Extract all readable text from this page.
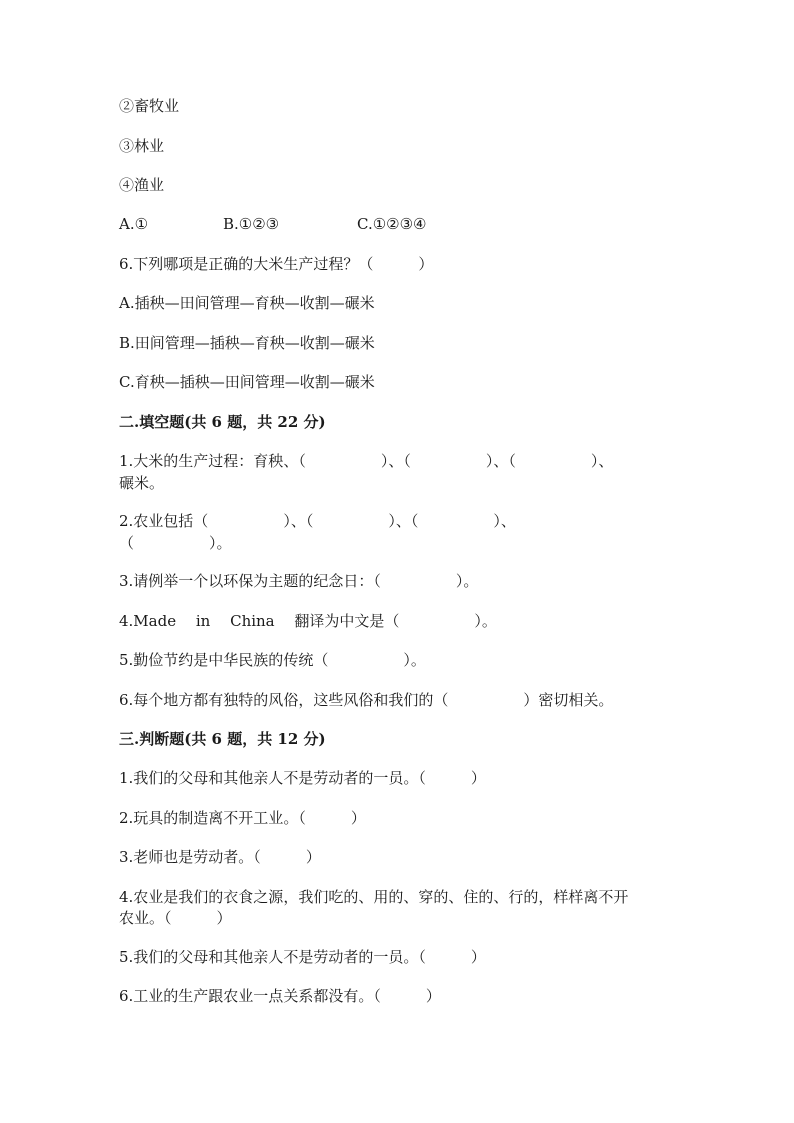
②畜牧业
③林业
④渔业
A.①	B.①②③	C.①②③④
6.下列哪项是正确的大米生产过程？（　　　）
A.插秧—田间管理—育秧—收割—碾米
B.田间管理—插秧—育秧—收割—碾米
C.育秧—插秧—田间管理—收割—碾米
二.填空题(共 6 题，共 22 分)
1.大米的生产过程：育秧、（　　　　　）、（　　　　　）、（　　　　　）、
碾米。
2.农业包括（　　　　　）、（　　　　　）、（　　　　　）、
（　　　　　）。
3.请例举一个以环保为主题的纪念日：（　　　　　）。
4.Made　 in　 China　 翻译为中文是（　　　　　）。
5.勤俭节约是中华民族的传统（　　　　　）。
6.每个地方都有独特的风俗，这些风俗和我们的（　　　　　）密切相关。
三.判断题(共 6 题，共 12 分)
1.我们的父母和其他亲人不是劳动者的一员。（　　　）
2.玩具的制造离不开工业。（　　　）
3.老师也是劳动者。（　　　）
4.农业是我们的衣食之源，我们吃的、用的、穿的、住的、行的，样样离不开
农业。（　　　）
5.我们的父母和其他亲人不是劳动者的一员。（　　　）
6.工业的生产跟农业一点关系都没有。（　　　）
